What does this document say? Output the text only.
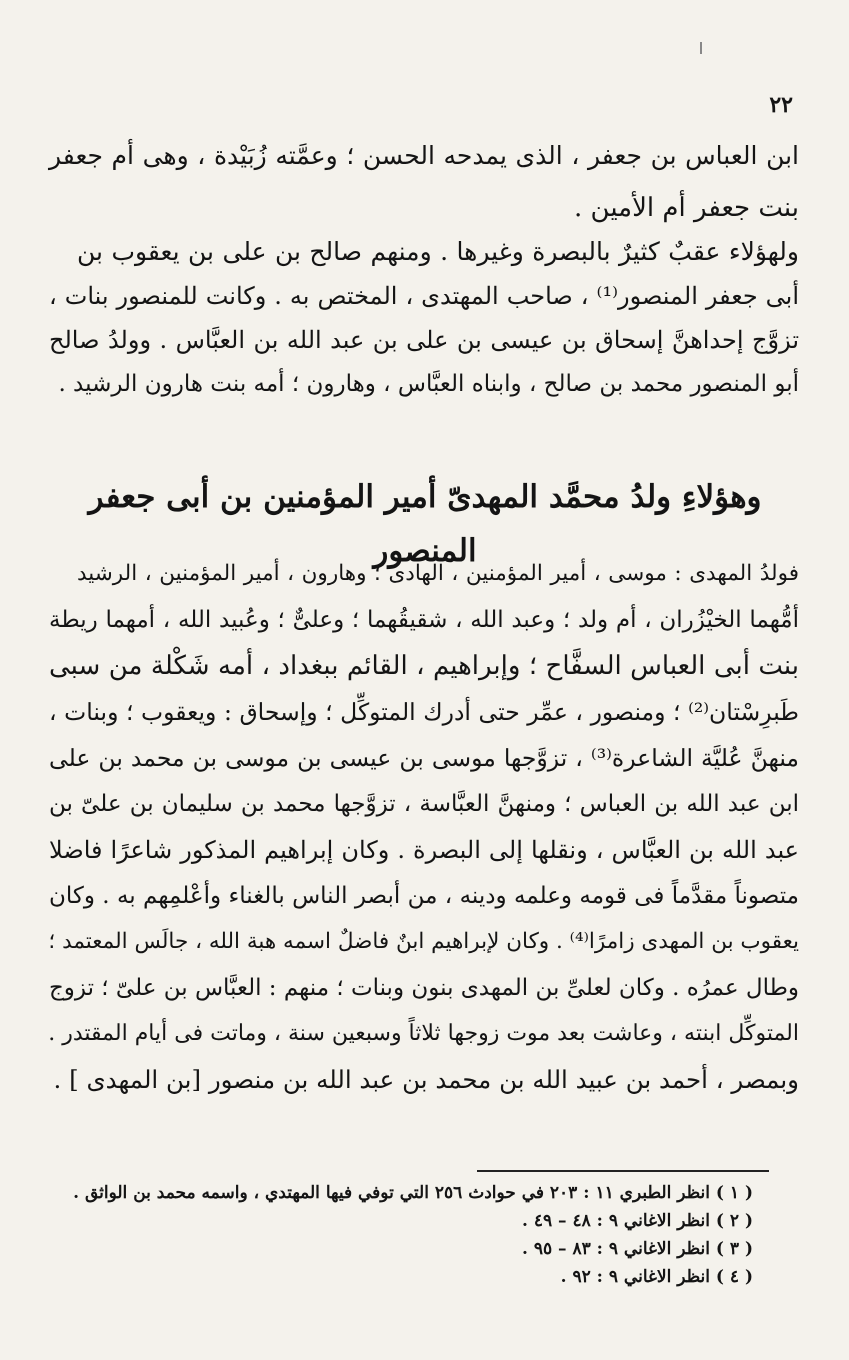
٢٢
ابن العباس بن جعفر ، الذى يمدحه الحسن ؛ وعمَّته زُبَيْدة ، وهى أم جعفر
بنت جعفر أم الأمين .
ولهؤلاء عقبٌ كثيرٌ بالبصرة وغيرها . ومنهم صالح بن على بن يعقوب بن
أبى جعفر المنصور⁽¹⁾ ، صاحب المهتدى ، المختص به . وكانت للمنصور بنات ،
تزوَّج إحداهنَّ إسحاق بن عيسى بن على بن عبد الله بن العبَّاس . وولدُ صالح
أبو المنصور محمد بن صالح ، وابناه العبَّاس ، وهارون ؛ أمه بنت هارون الرشيد .
وهؤلاءِ ولدُ محمَّد المهدىّ أمير المؤمنين بن أبى جعفر المنصور
فولدُ المهدى : موسى ، أمير المؤمنين ، الهادى ؛ وهارون ، أمير المؤمنين ، الرشيد
أمُّهما الخيْزُران ، أم ولد ؛ وعبد الله ، شقيقُهما ؛ وعلىٌّ ؛ وعُبيد الله ، أمهما ريطة
بنت أبى العباس السفَّاح ؛ وإبراهيم ، القائم ببغداد ، أمه شَكْلة من سبى
طَبرِسْتان⁽²⁾ ؛ ومنصور ، عمِّر حتى أدرك المتوكِّل ؛ وإسحاق : ويعقوب ؛ وبنات ،
منهنَّ عُليَّة الشاعرة⁽³⁾ ، تزوَّجها موسى بن عيسى بن موسى بن محمد بن على
ابن عبد الله بن العباس ؛ ومنهنَّ العبَّاسة ، تزوَّجها محمد بن سليمان بن علىّ بن
عبد الله بن العبَّاس ، ونقلها إلى البصرة . وكان إبراهيم المذكور شاعرًا فاضلا
متصوناً مقدَّماً فى قومه وعلمه ودينه ، من أبصر الناس بالغناء وأعْلمِهم به . وكان
يعقوب بن المهدى زامرًا⁽⁴⁾ . وكان لإبراهيم ابنٌ فاضلٌ اسمه هبة الله ، جالَس المعتمد ؛
وطال عمرُه . وكان لعلىِّ بن المهدى بنون وبنات ؛ منهم : العبَّاس بن علىّ ؛ تزوج
المتوكِّل ابنته ، وعاشت بعد موت زوجها ثلاثاً وسبعين سنة ، وماتت فى أيام المقتدر .
وبمصر ، أحمد بن عبيد الله بن محمد بن عبد الله بن منصور [بن المهدى ] .
( ١ ) انظر الطبري ١١ : ٢٠٣ في حوادث ٢٥٦ التي توفي فيها المهتدي ، واسمه محمد بن الواثق .
( ٢ ) انظر الاغاني ٩ : ٤٨ – ٤٩ .
( ٣ ) انظر الاغاني ٩ : ٨٣ – ٩٥ .
( ٤ ) انظر الاغاني ٩ : ٩٢ .
